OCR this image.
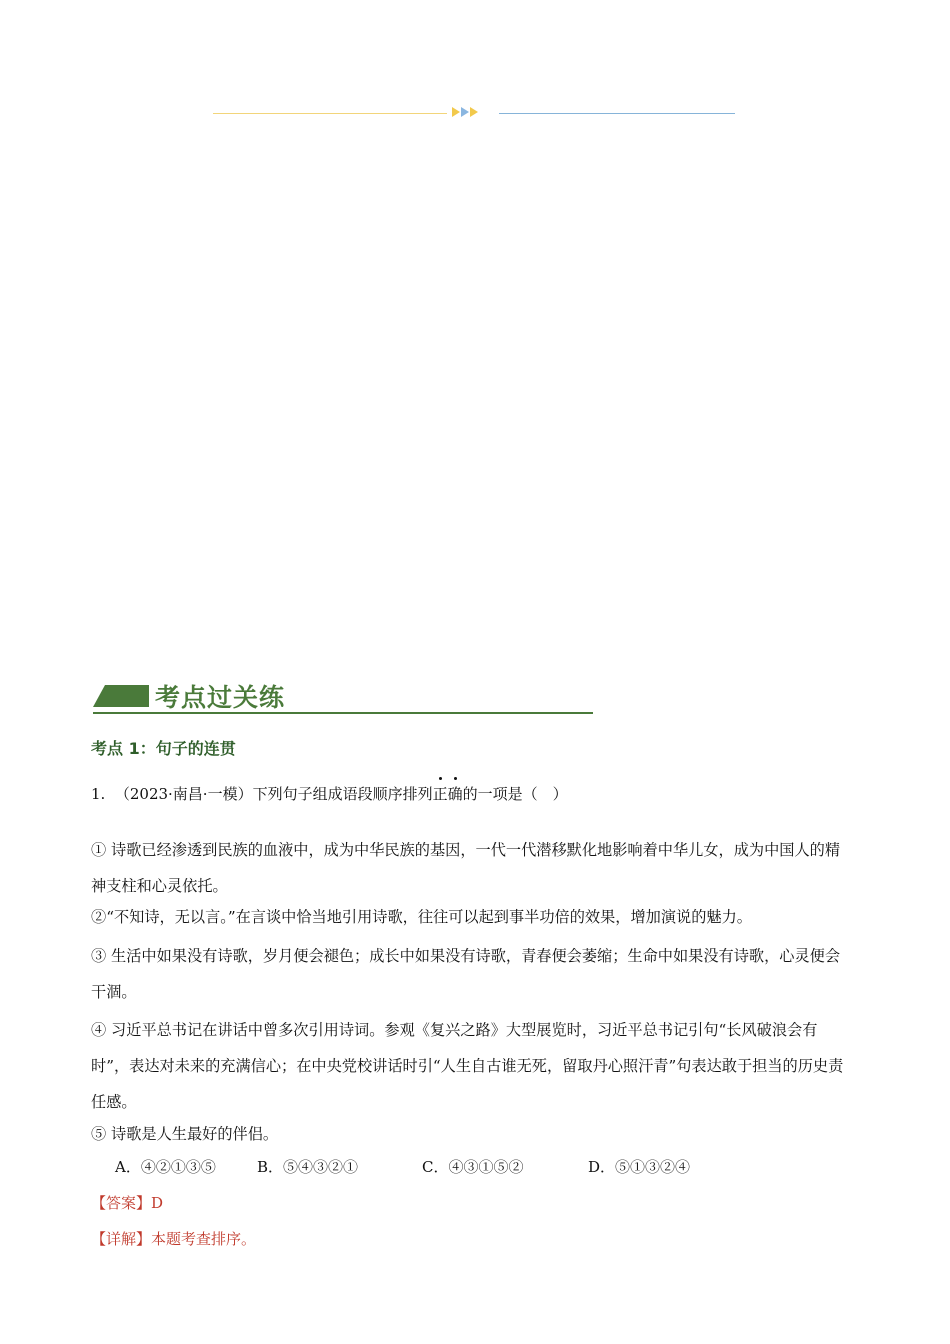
考点过关练
考点 1：句子的连贯
1. （2023·南昌·一模）下列句子组成语段顺序排列正确的一项是（　）
① 诗歌已经渗透到民族的血液中，成为中华民族的基因，一代一代潜移默化地影响着中华儿女，成为中国人的精神支柱和心灵依托。
②“不知诗，无以言。”在言谈中恰当地引用诗歌，往往可以起到事半功倍的效果，增加演说的魅力。
③ 生活中如果没有诗歌，岁月便会褪色；成长中如果没有诗歌，青春便会萎缩；生命中如果没有诗歌，心灵便会干涸。
④ 习近平总书记在讲话中曾多次引用诗词。参观《复兴之路》大型展览时，习近平总书记引句“长风破浪会有时”，表达对未来的充满信心；在中央党校讲话时引“人生自古谁无死，留取丹心照汗青”句表达敢于担当的历史责任感。
⑤ 诗歌是人生最好的伴侣。
A．④②①③⑤	B．⑤④③②①	C．④③①⑤②	D．⑤①③②④
【答案】D
【详解】本题考查排序。
